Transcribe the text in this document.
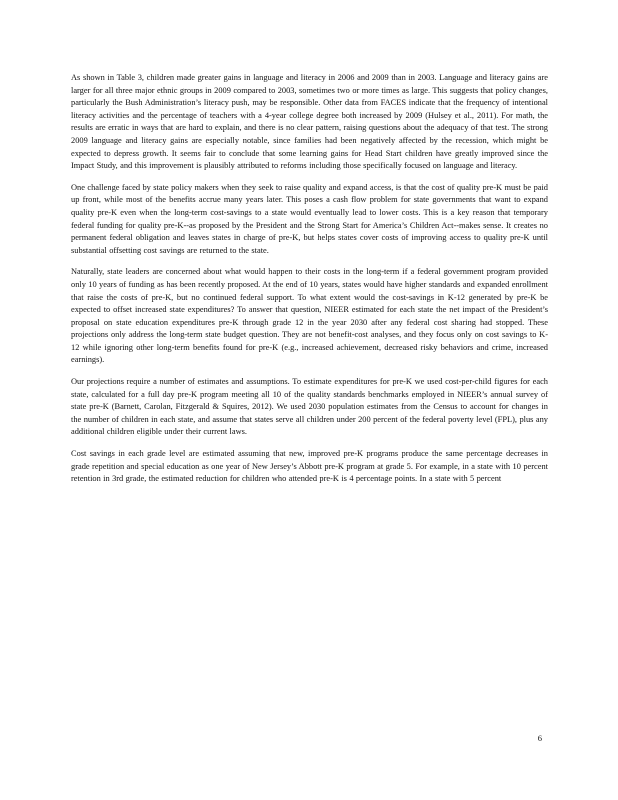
As shown in Table 3, children made greater gains in language and literacy in 2006 and 2009 than in 2003. Language and literacy gains are larger for all three major ethnic groups in 2009 compared to 2003, sometimes two or more times as large. This suggests that policy changes, particularly the Bush Administration’s literacy push, may be responsible. Other data from FACES indicate that the frequency of intentional literacy activities and the percentage of teachers with a 4-year college degree both increased by 2009 (Hulsey et al., 2011). For math, the results are erratic in ways that are hard to explain, and there is no clear pattern, raising questions about the adequacy of that test. The strong 2009 language and literacy gains are especially notable, since families had been negatively affected by the recession, which might be expected to depress growth. It seems fair to conclude that some learning gains for Head Start children have greatly improved since the Impact Study, and this improvement is plausibly attributed to reforms including those specifically focused on language and literacy.

One challenge faced by state policy makers when they seek to raise quality and expand access, is that the cost of quality pre-K must be paid up front, while most of the benefits accrue many years later. This poses a cash flow problem for state governments that want to expand quality pre-K even when the long-term cost-savings to a state would eventually lead to lower costs. This is a key reason that temporary federal funding for quality pre-K--as proposed by the President and the Strong Start for America’s Children Act--makes sense. It creates no permanent federal obligation and leaves states in charge of pre-K, but helps states cover costs of improving access to quality pre-K until substantial offsetting cost savings are returned to the state.

Naturally, state leaders are concerned about what would happen to their costs in the long-term if a federal government program provided only 10 years of funding as has been recently proposed. At the end of 10 years, states would have higher standards and expanded enrollment that raise the costs of pre-K, but no continued federal support. To what extent would the cost-savings in K-12 generated by pre-K be expected to offset increased state expenditures? To answer that question, NIEER estimated for each state the net impact of the President’s proposal on state education expenditures pre-K through grade 12 in the year 2030 after any federal cost sharing had stopped. These projections only address the long-term state budget question. They are not benefit-cost analyses, and they focus only on cost savings to K-12 while ignoring other long-term benefits found for pre-K (e.g., increased achievement, decreased risky behaviors and crime, increased earnings).

Our projections require a number of estimates and assumptions. To estimate expenditures for pre-K we used cost-per-child figures for each state, calculated for a full day pre-K program meeting all 10 of the quality standards benchmarks employed in NIEER’s annual survey of state pre-K (Barnett, Carolan, Fitzgerald & Squires, 2012). We used 2030 population estimates from the Census to account for changes in the number of children in each state, and assume that states serve all children under 200 percent of the federal poverty level (FPL), plus any additional children eligible under their current laws.

Cost savings in each grade level are estimated assuming that new, improved pre-K programs produce the same percentage decreases in grade repetition and special education as one year of New Jersey’s Abbott pre-K program at grade 5. For example, in a state with 10 percent retention in 3rd grade, the estimated reduction for children who attended pre-K is 4 percentage points. In a state with 5 percent

6
